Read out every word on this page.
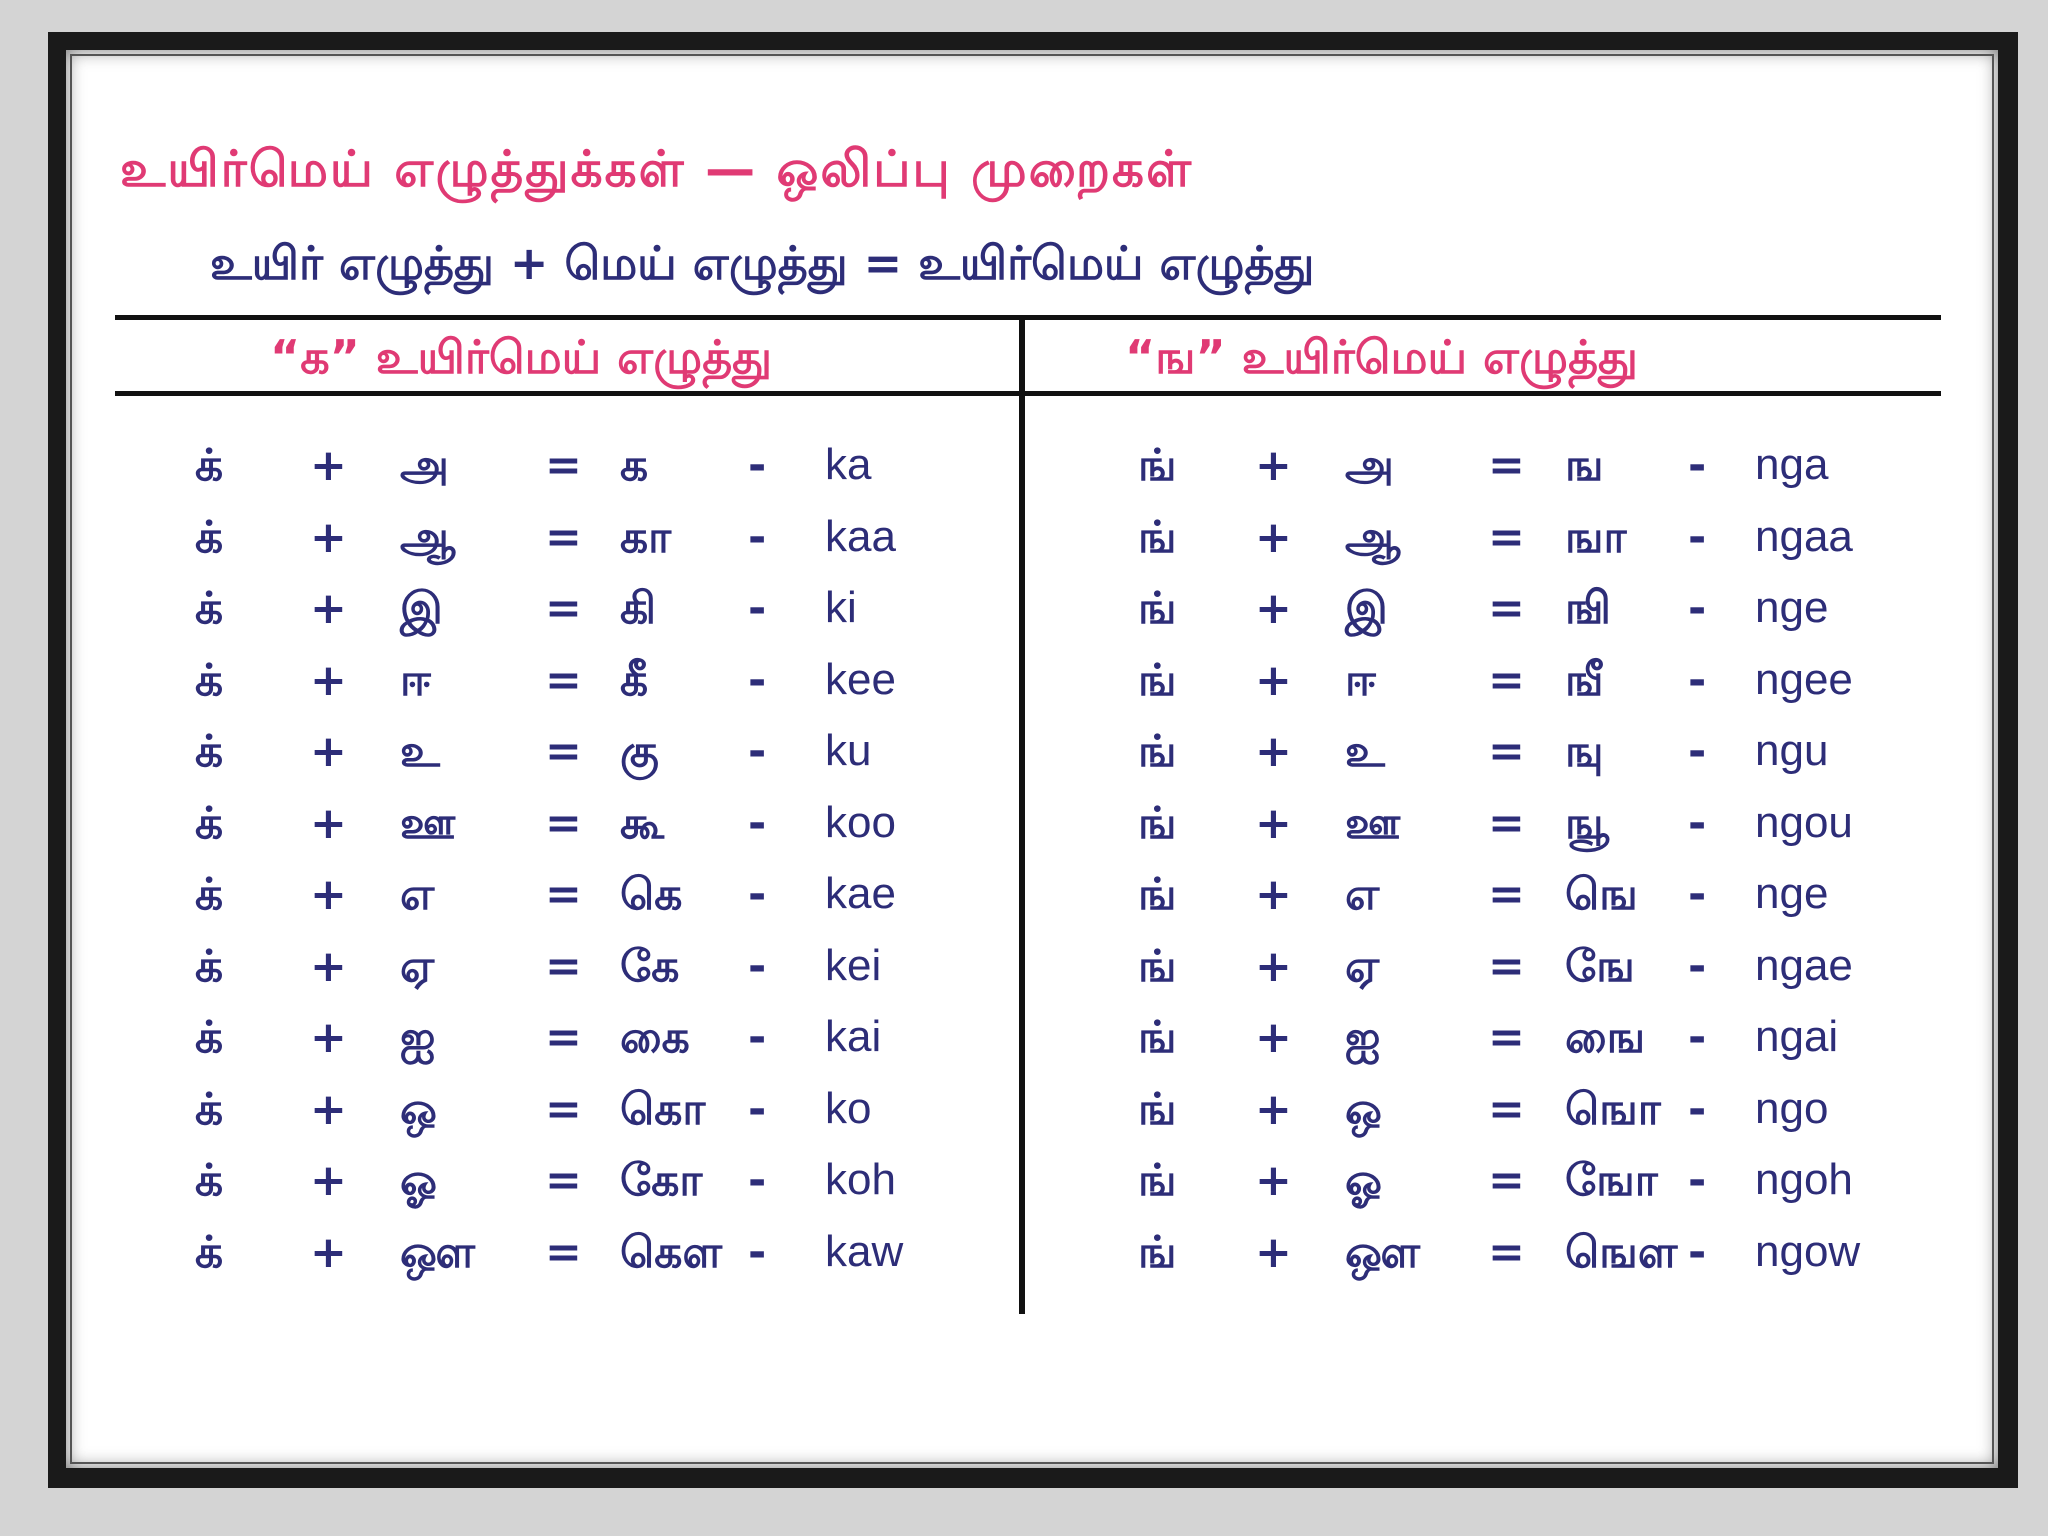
உயிர்மெய் எழுத்துக்கள் — ஒலிப்பு முறைகள்
உயிர் எழுத்து + மெய் எழுத்து = உயிர்மெய் எழுத்து
“க” உயிர்மெய் எழுத்து	“ங” உயிர்மெய் எழுத்து
க் + அ = க - ka
க் + ஆ = கா - kaa
க் + இ = கி - ki
க் + ஈ	= கீ - kee
க் + உ = கு - ku
க் + ஊ = கூ - koo
க் + எ	= கெ - kae
க் + ஏ	= கே - kei
க் + ஐ = கை - kai
க் + ஒ = கொ - ko
க் + ஓ = கோ - koh
க் + ஔ = கௌ - kaw
ங் + அ = ங - nga
ங் + ஆ = ஙா - ngaa
ங் + இ = ஙி - nge
ங் + ஈ	= ஙீ - ngee
ங் + உ = ஙு - ngu
ங் + ஊ = ஙூ - ngou
ங் + எ = ஙெ - nge
ங் + ஏ = ஙே - ngae
ங் + ஐ = ஙை - ngai
ங் + ஒ = ஙொ - ngo
ங் + ஓ = ஙோ - ngoh
ங் + ஔ = ஙௌ - ngow
